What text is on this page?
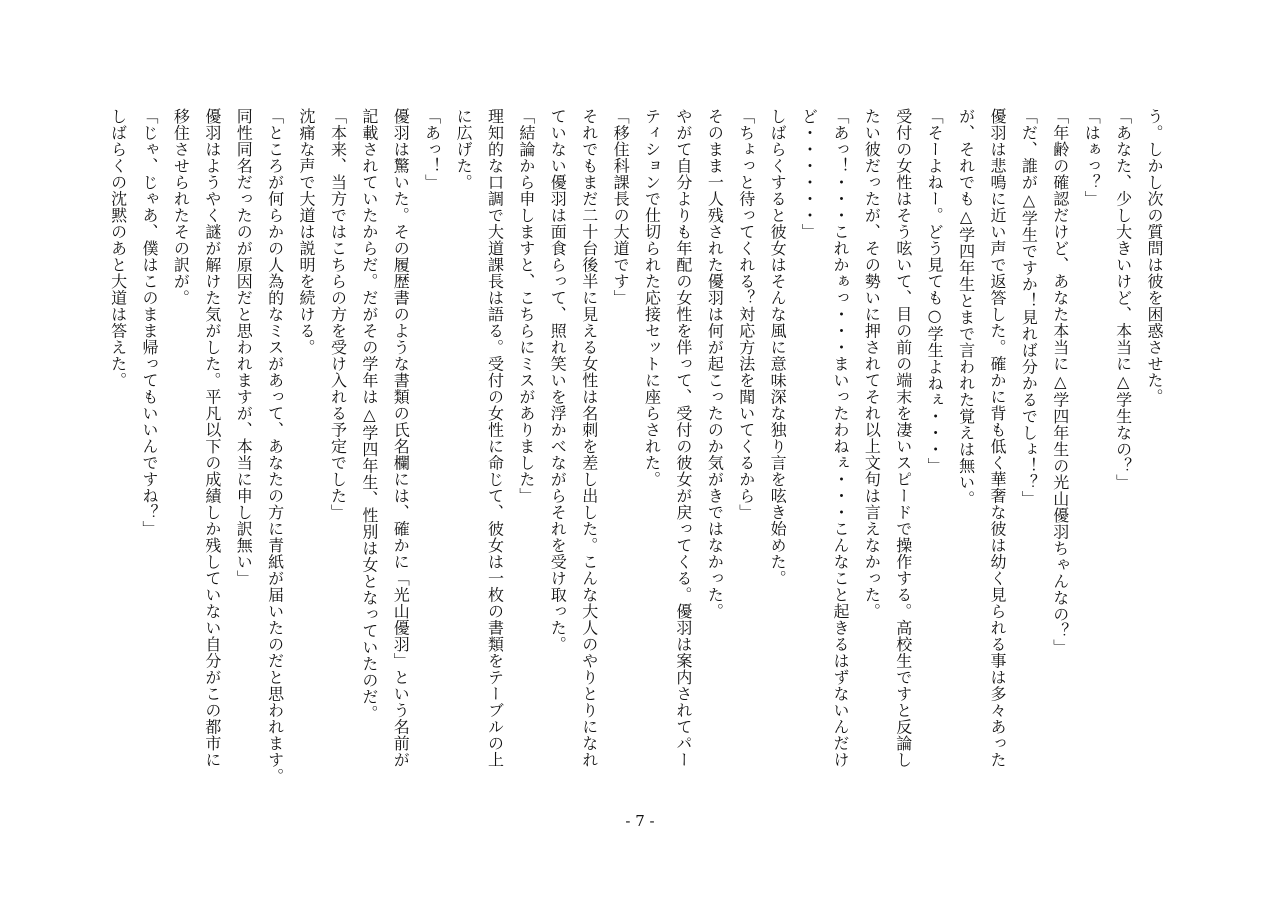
う。しかし次の質問は彼を困惑させた。
「あなた、少し大きいけど、本当に△学生なの？」
「はぁっ？」
「年齢の確認だけど、あなた本当に△学四年生の光山優羽ちゃんなの？」
「だ、誰が△学生ですか！見れば分かるでしょ！？」
優羽は悲鳴に近い声で返答した。確かに背も低く華奢な彼は幼く見られる事は多々あった
が、それでも△学四年生とまで言われた覚えは無い。
「そーよねー。どう見ても○学生よねぇ・・・」
受付の女性はそう呟いて、目の前の端末を凄いスピードで操作する。高校生ですと反論し
たい彼だったが、その勢いに押されてそれ以上文句は言えなかった。
「あっ！・・・これかぁっ・・・まいったわねぇ・・・こんなこと起きるはずないんだけ
ど・・・・・・」
しばらくすると彼女はそんな風に意味深な独り言を呟き始めた。
「ちょっと待ってくれる？対応方法を聞いてくるから」
そのまま一人残された優羽は何が起こったのか気がきではなかった。
やがて自分よりも年配の女性を伴って、受付の彼女が戻ってくる。優羽は案内されてパー
ティションで仕切られた応接セットに座らされた。
「移住科課長の大道です」
それでもまだ二十台後半に見える女性は名刺を差し出した。こんな大人のやりとりになれ
ていない優羽は面食らって、照れ笑いを浮かべながらそれを受け取った。
「結論から申しますと、こちらにミスがありました」
理知的な口調で大道課長は語る。受付の女性に命じて、彼女は一枚の書類をテーブルの上
に広げた。
「あっ！」
優羽は驚いた。その履歴書のような書類の氏名欄には、確かに「光山優羽」という名前が
記載されていたからだ。だがその学年は△学四年生、性別は女となっていたのだ。
「本来、当方ではこちらの方を受け入れる予定でした」
沈痛な声で大道は説明を続ける。
「ところが何らかの人為的なミスがあって、あなたの方に青紙が届いたのだと思われます。
同性同名だったのが原因だと思われますが、本当に申し訳無い」
優羽はようやく謎が解けた気がした。平凡以下の成績しか残していない自分がこの都市に
移住させられたその訳が。
「じゃ、じゃあ、僕はこのまま帰ってもいいんですね？」
しばらくの沈黙のあと大道は答えた。
- 7 -
